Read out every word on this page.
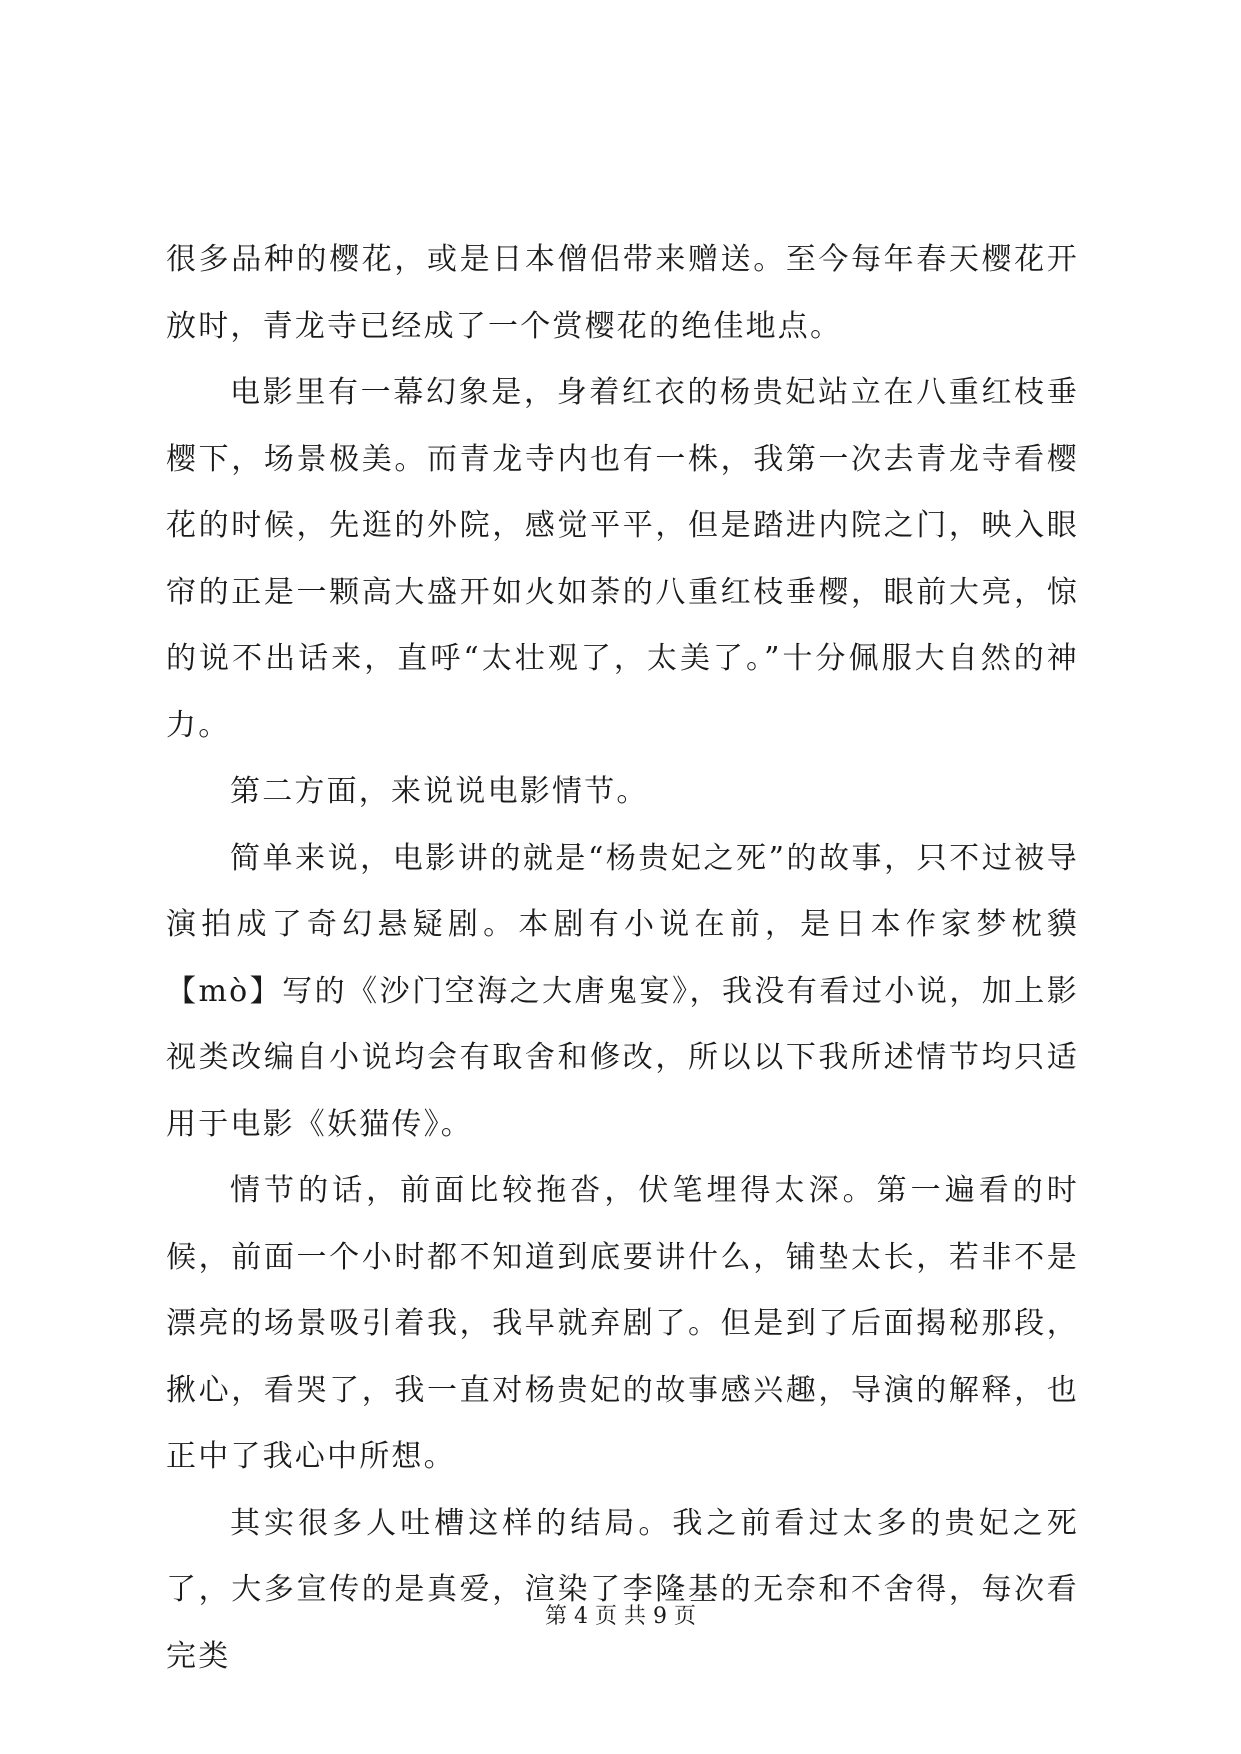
很多品种的樱花，或是日本僧侣带来赠送。至今每年春天樱花开放时，青龙寺已经成了一个赏樱花的绝佳地点。

电影里有一幕幻象是，身着红衣的杨贵妃站立在八重红枝垂樱下，场景极美。而青龙寺内也有一株，我第一次去青龙寺看樱花的时候，先逛的外院，感觉平平，但是踏进内院之门，映入眼帘的正是一颗高大盛开如火如荼的八重红枝垂樱，眼前大亮，惊的说不出话来，直呼“太壮观了，太美了。”十分佩服大自然的神力。

第二方面，来说说电影情节。

简单来说，电影讲的就是“杨贵妃之死”的故事，只不过被导演拍成了奇幻悬疑剧。本剧有小说在前，是日本作家梦枕貘【mò】写的《沙门空海之大唐鬼宴》，我没有看过小说，加上影视类改编自小说均会有取舍和修改，所以以下我所述情节均只适用于电影《妖猫传》。

情节的话，前面比较拖沓，伏笔埋得太深。第一遍看的时候，前面一个小时都不知道到底要讲什么，铺垫太长，若非不是漂亮的场景吸引着我，我早就弃剧了。但是到了后面揭秘那段，揪心，看哭了，我一直对杨贵妃的故事感兴趣，导演的解释，也正中了我心中所想。

其实很多人吐槽这样的结局。我之前看过太多的贵妃之死了，大多宣传的是真爱，渲染了李隆基的无奈和不舍得，每次看完类

第 4 页 共 9 页
